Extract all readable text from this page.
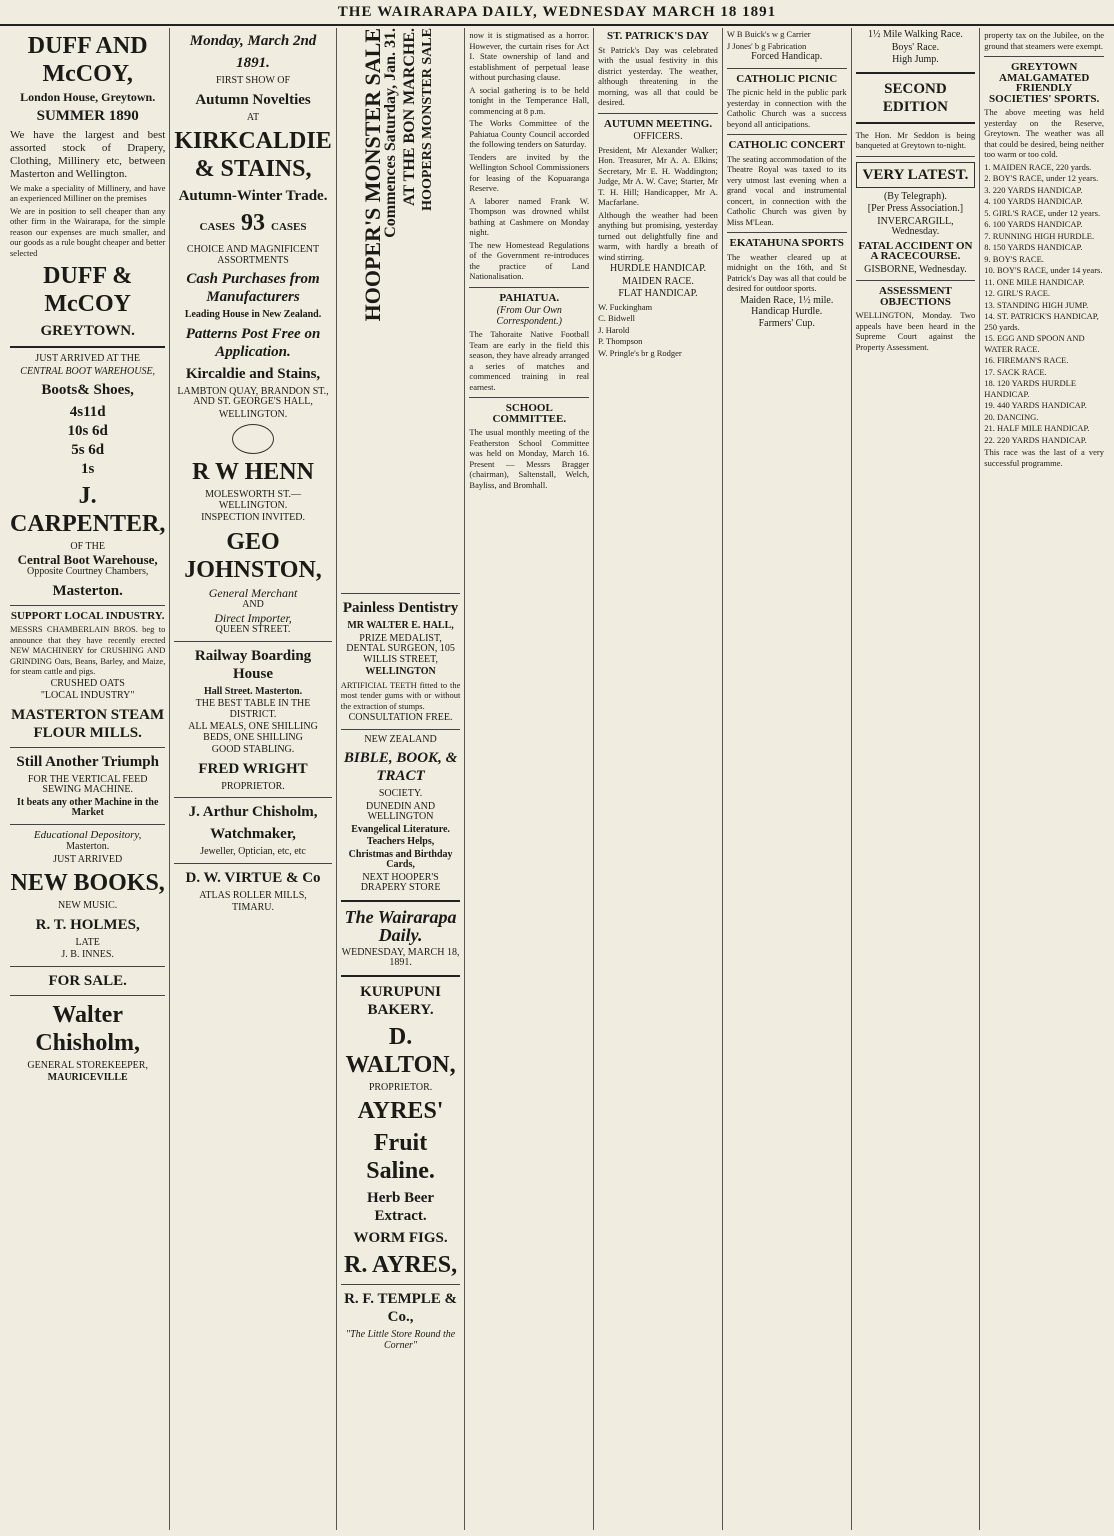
THE WAIRARAPA DAILY, WEDNESDAY MARCH 18 1891
DUFF AND McCOY,
London House, Greytown.
SUMMER 1890
We have the largest and best assorted stock of Drapery, Clothing, Millinery etc, between Masterton and Wellington.
We make a speciality of Millinery, and have an experienced Milliner on the premises
We are in position to sell cheaper than any other firm in the Wairarapa, for the simple reason our expenses are much smaller, and our goods as a rule bought cheaper and better selected
DUFF & McCOY
GREYTOWN.
JUST ARRIVED AT THE
CENTRAL BOOT WAREHOUSE,
Boots& Shoes,
4s11d
10s 6d
5s 6d
1s
J. CARPENTER,
OF THE
Central Boot Warehouse,
Opposite Courtney Chambers,
Masterton.
SUPPORT LOCAL INDUSTRY.
MESSRS CHAMBERLAIN BROS. beg to announce that they have recently erected NEW MACHINERY for CRUSHING AND GRINDING Oats, Beans, Barley, and Maize, for steam cattle and pigs.
CRUSHED OATS
"LOCAL INDUSTRY"
MASTERTON STEAM FLOUR MILLS.
Still Another Triumph
FOR THE VERTICAL FEED SEWING MACHINE.
It beats any other Machine in the Market
Educational Depository,
Masterton.
JUST ARRIVED
NEW BOOKS,
NEW MUSIC.
R. T. HOLMES,
LATE
J. B. INNES.
FOR SALE.
Walter Chisholm,
GENERAL STOREKEEPER,
MAURICEVILLE
Monday, March 2nd
1891.
FIRST SHOW OF
Autumn Novelties
AT
KIRKCALDIE & STAINS,
Autumn-Winter Trade.
CASES 93 CASES
CHOICE AND MAGNIFICENT ASSORTMENTS
Cash Purchases from Manufacturers
Leading House in New Zealand.
Patterns Post Free on Application.
Kircaldie and Stains,
LAMBTON QUAY, BRANDON ST., AND ST. GEORGE'S HALL,
WELLINGTON.
R W HENN
MOLESWORTH ST.— WELLINGTON.
INSPECTION INVITED.
GEO JOHNSTON,
General Merchant
AND
Direct Importer,
QUEEN STREET.
Railway Boarding House
Hall Street. Masterton.
THE BEST TABLE IN THE DISTRICT.
ALL MEALS, ONE SHILLING BEDS, ONE SHILLING
GOOD STABLING.
FRED WRIGHT
PROPRIETOR.
J. Arthur Chisholm,
Watchmaker,
Jeweller, Optician, etc, etc
D. W. VIRTUE & Co
ATLAS ROLLER MILLS,
TIMARU.
HOOPER'S MONSTER SALE
Commences Saturday, Jan. 31. AT THE BON MARCHE. HOOPERS MONSTER SALE
Painless Dentistry
MR WALTER E. HALL,
PRIZE MEDALIST, DENTAL SURGEON, 105 WILLIS STREET,
WELLINGTON
ARTIFICIAL TEETH fitted to the most tender gums with or without the extraction of stumps.
CONSULTATION FREE.
NEW ZEALAND
BIBLE, BOOK, & TRACT
SOCIETY.
DUNEDIN AND WELLINGTON
Evangelical Literature.
Teachers Helps,
Christmas and Birthday Cards,
NEXT HOOPER'S DRAPERY STORE
The Wairarapa Daily.
WEDNESDAY, MARCH 18, 1891.
KURUPUNI BAKERY.
D. WALTON,
PROPRIETOR.
AYRES'
Fruit Saline.
Herb Beer Extract.
WORM FIGS.
R. AYRES,
R. F. TEMPLE & Co.,
"The Little Store Round the Corner"
now it is stigmatised as a horror. However, the curtain rises for Act I. State ownership of land and establishment of perpetual lease without purchasing clause.
A social gathering is to be held tonight in the Temperance Hall, commencing at 8 p.m.
The Works Committee of the Pahiatua County Council accorded the following tenders on Saturday.
Tenders are invited by the Wellington School Commissioners for leasing of the Kopuaranga Reserve.
A laborer named Frank W. Thompson was drowned whilst bathing at Cashmere on Monday night.
The new Homestead Regulations of the Government re-introduces the practice of Land Nationalisation.
PAHIATUA.
(From Our Own Correspondent.)
The Tahoraite Native Football Team are early in the field this season, they have already arranged a series of matches and commenced training in real earnest.
SCHOOL COMMITTEE.
The usual monthly meeting of the Featherston School Committee was held on Monday, March 16. Present — Messrs Bragger (chairman), Saltenstall, Welch, Bayliss, and Bromhall.
ST. PATRICK'S DAY
St Patrick's Day was celebrated with the usual festivity in this district yesterday. The weather, although threatening in the morning, was all that could be desired.
AUTUMN MEETING.
OFFICERS.
President, Mr Alexander Walker; Hon. Treasurer, Mr A. A. Elkins; Secretary, Mr E. H. Waddington; Judge, Mr A. W. Cave; Starter, Mr T. H. Hill; Handicapper, Mr A. Macfarlane.
Although the weather had been anything but promising, yesterday turned out delightfully fine and warm, with hardly a breath of wind stirring.
HURDLE HANDICAP.
MAIDEN RACE.
FLAT HANDICAP.
W. Fuckingham
C. Bidwell
J. Harold
P. Thompson
W. Pringle's br g Rodger
W B Buick's w g Carrier
J Jones' b g Fabrication
Forced Handicap.
CATHOLIC PICNIC
The picnic held in the public park yesterday in connection with the Catholic Church was a success beyond all anticipations.
CATHOLIC CONCERT
The seating accommodation of the Theatre Royal was taxed to its very utmost last evening when a grand vocal and instrumental concert, in connection with the Catholic Church was given by Miss M'Lean.
EKATAHUNA SPORTS
The weather cleared up at midnight on the 16th, and St Patrick's Day was all that could be desired for outdoor sports.
Maiden Race, 1½ mile.
Handicap Hurdle.
Farmers' Cup.
1½ Mile Walking Race.
Boys' Race.
High Jump.
SECOND EDITION
The Hon. Mr Seddon is being banqueted at Greytown to-night.
VERY LATEST.
(By Telegraph).
[Per Press Association.]
INVERCARGILL, Wednesday.
FATAL ACCIDENT ON A RACECOURSE.
GISBORNE, Wednesday.
ASSESSMENT OBJECTIONS
WELLINGTON, Monday. Two appeals have been heard in the Supreme Court against the Property Assessment.
property tax on the Jubilee, on the ground that steamers were exempt.
GREYTOWN AMALGAMATED FRIENDLY SOCIETIES' SPORTS.
The above meeting was held yesterday on the Reserve, Greytown. The weather was all that could be desired, being neither too warm or too cold.
1. MAIDEN RACE, 220 yards.
2. BOY'S RACE, under 12 years.
3. 220 YARDS HANDICAP.
4. 100 YARDS HANDICAP.
5. GIRL'S RACE, under 12 years.
6. 100 YARDS HANDICAP.
7. RUNNING HIGH HURDLE.
8. 150 YARDS HANDICAP.
9. BOY'S RACE.
10. BOY'S RACE, under 14 years.
11. ONE MILE HANDICAP.
12. GIRL'S RACE.
13. STANDING HIGH JUMP.
14. ST. PATRICK'S HANDICAP, 250 yards.
15. EGG AND SPOON AND WATER RACE.
16. FIREMAN'S RACE.
17. SACK RACE.
18. 120 YARDS HURDLE HANDICAP.
19. 440 YARDS HANDICAP.
20. DANCING.
21. HALF MILE HANDICAP.
22. 220 YARDS HANDICAP.
This race was the last of a very successful programme.
